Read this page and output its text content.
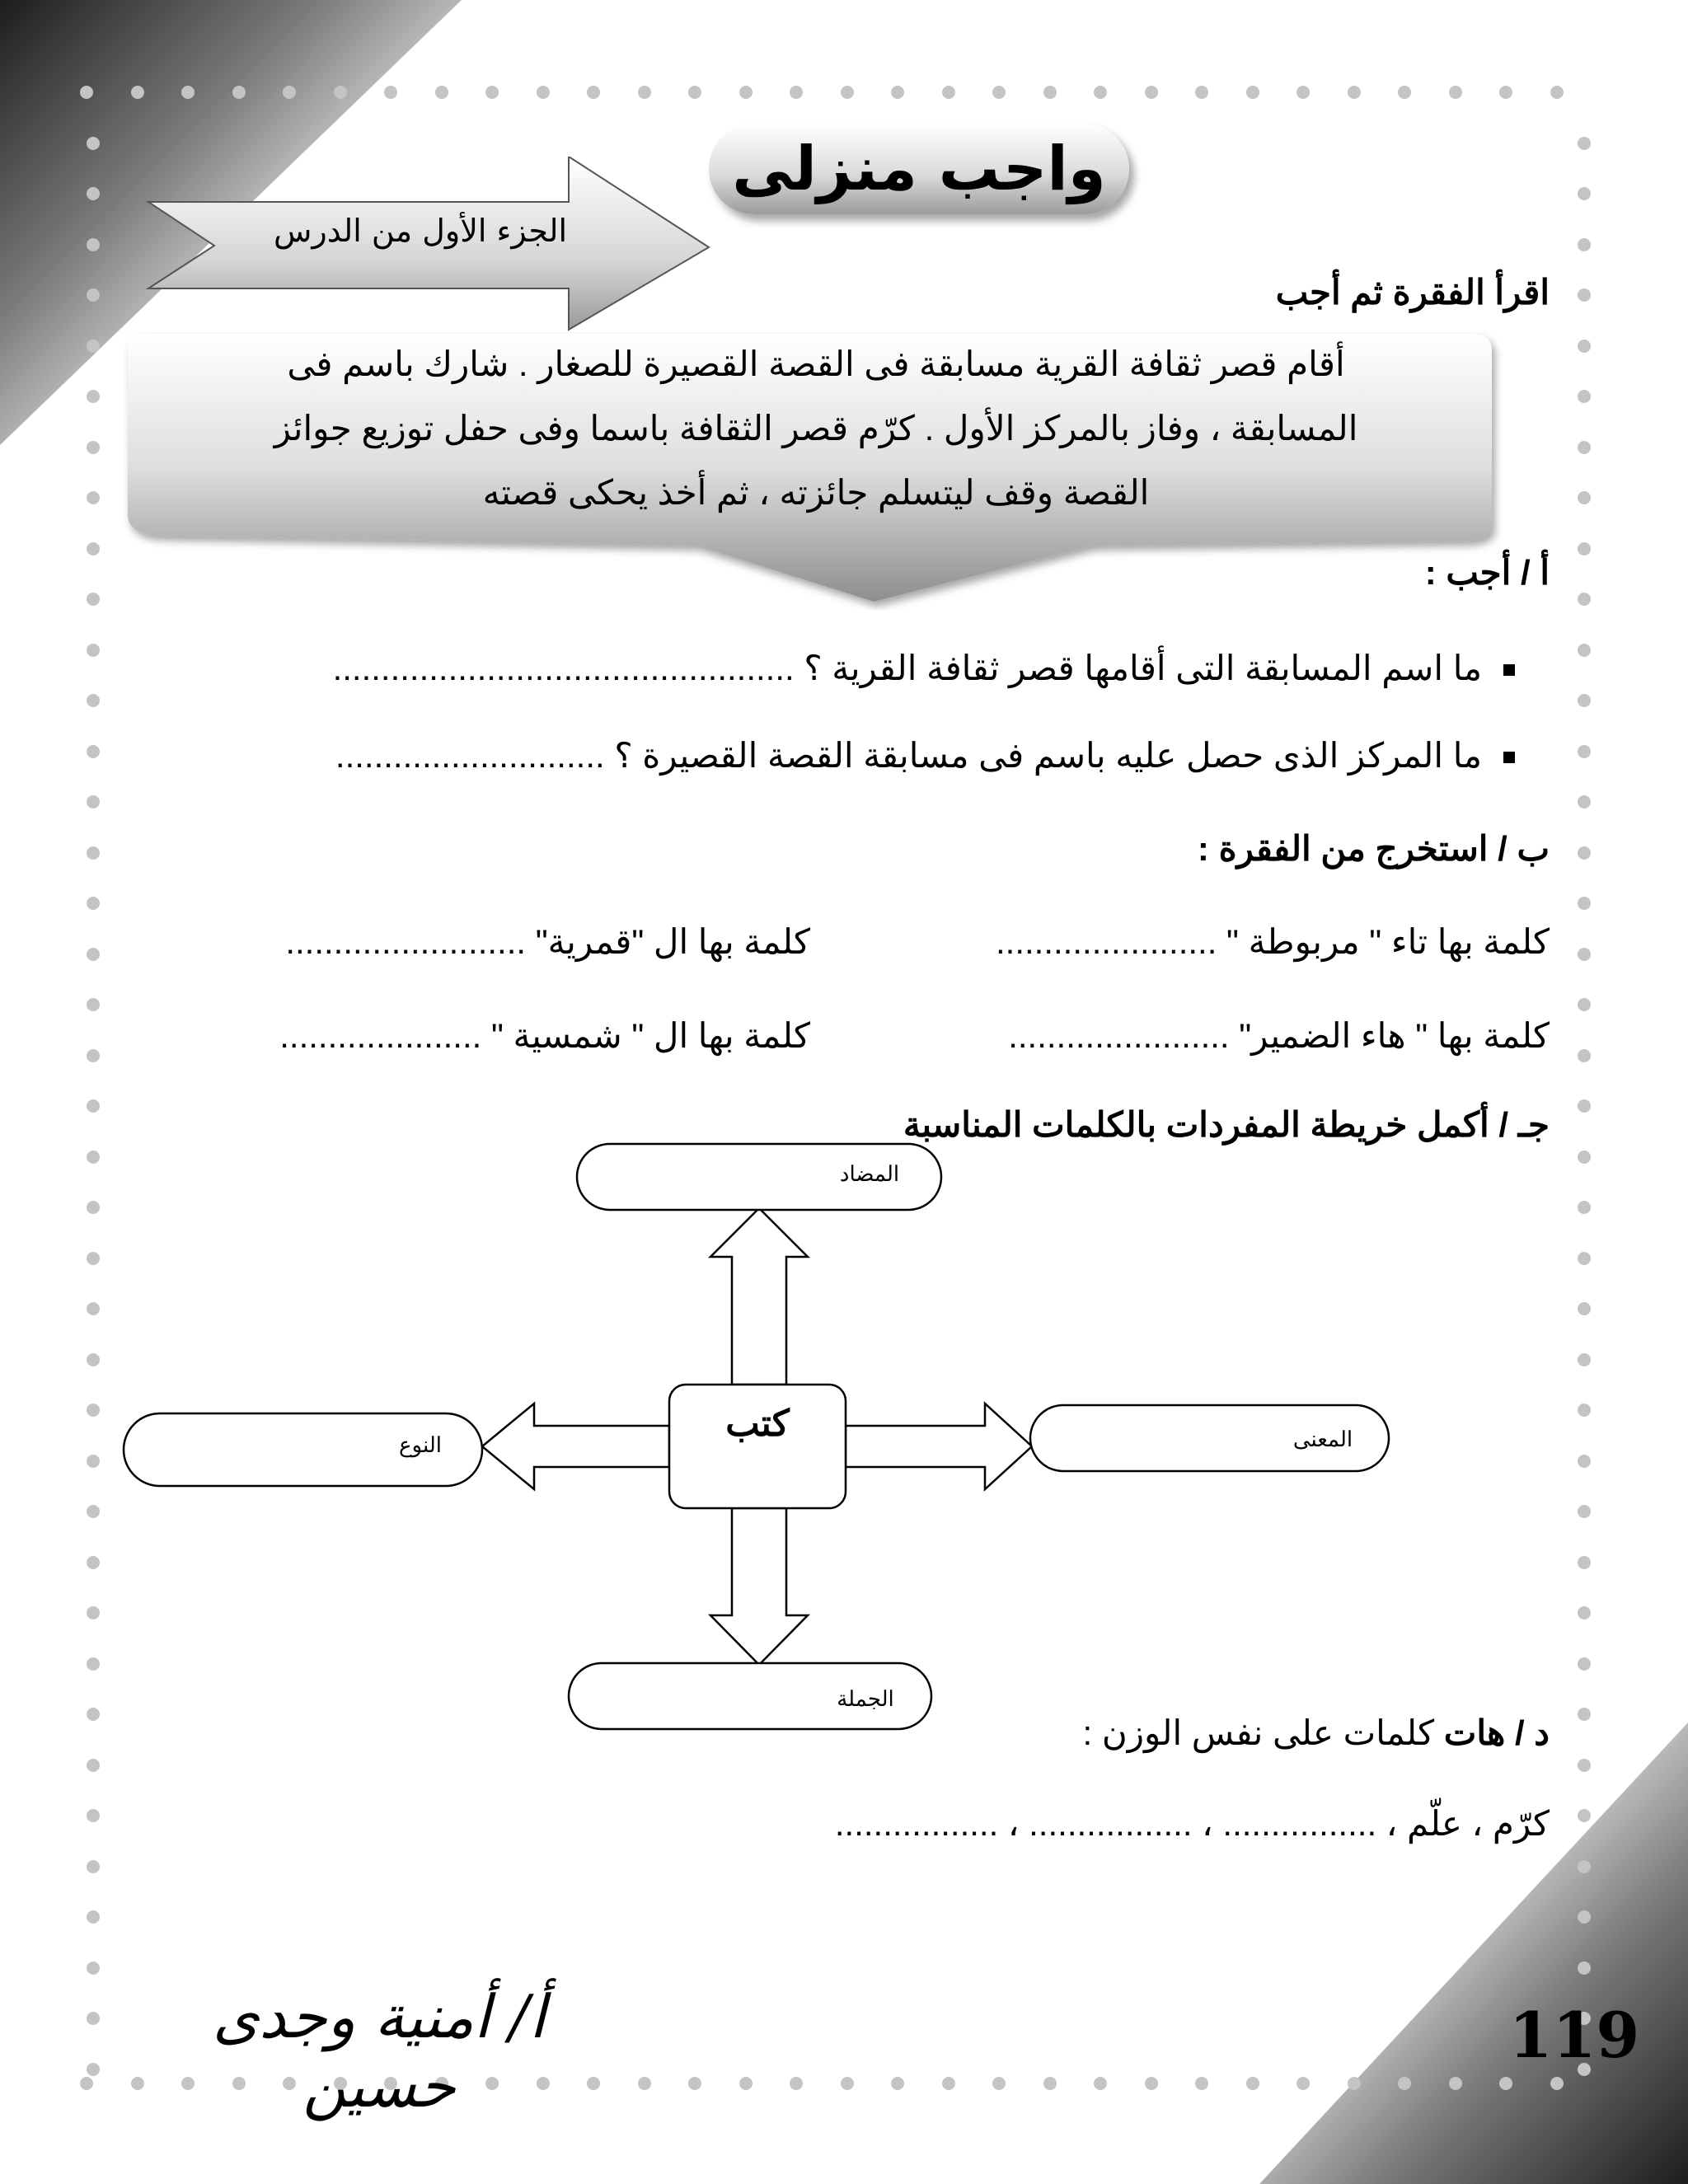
واجب منزلى
الجزء الأول من الدرس
اقرأ الفقرة ثم أجب
أقام قصر ثقافة القرية مسابقة فى القصة القصيرة للصغار . شارك باسم فى
المسابقة ، وفاز بالمركز الأول . كرّم قصر الثقافة باسما وفى حفل توزيع جوائز
القصة وقف ليتسلم جائزته ، ثم أخذ يحكى قصته
أ / أجب :
ما اسم المسابقة التى أقامها قصر ثقافة القرية ؟ ................................................
ما المركز الذى حصل عليه باسم فى مسابقة القصة القصيرة ؟ ............................
ب / استخرج من الفقرة :
كلمة بها تاء " مربوطة " .......................
كلمة بها ال "قمرية" .........................
كلمة بها " هاء الضمير" .......................
كلمة بها ال " شمسية " .....................
جـ / أكمل خريطة المفردات بالكلمات المناسبة
كتب
المضاد
النوع	المعنى
الجملة
د / هات كلمات على نفس الوزن :
كرّم ، علّم ، ................ ، ................. ، .................
119
أ/ أمنية وجدى حسين
